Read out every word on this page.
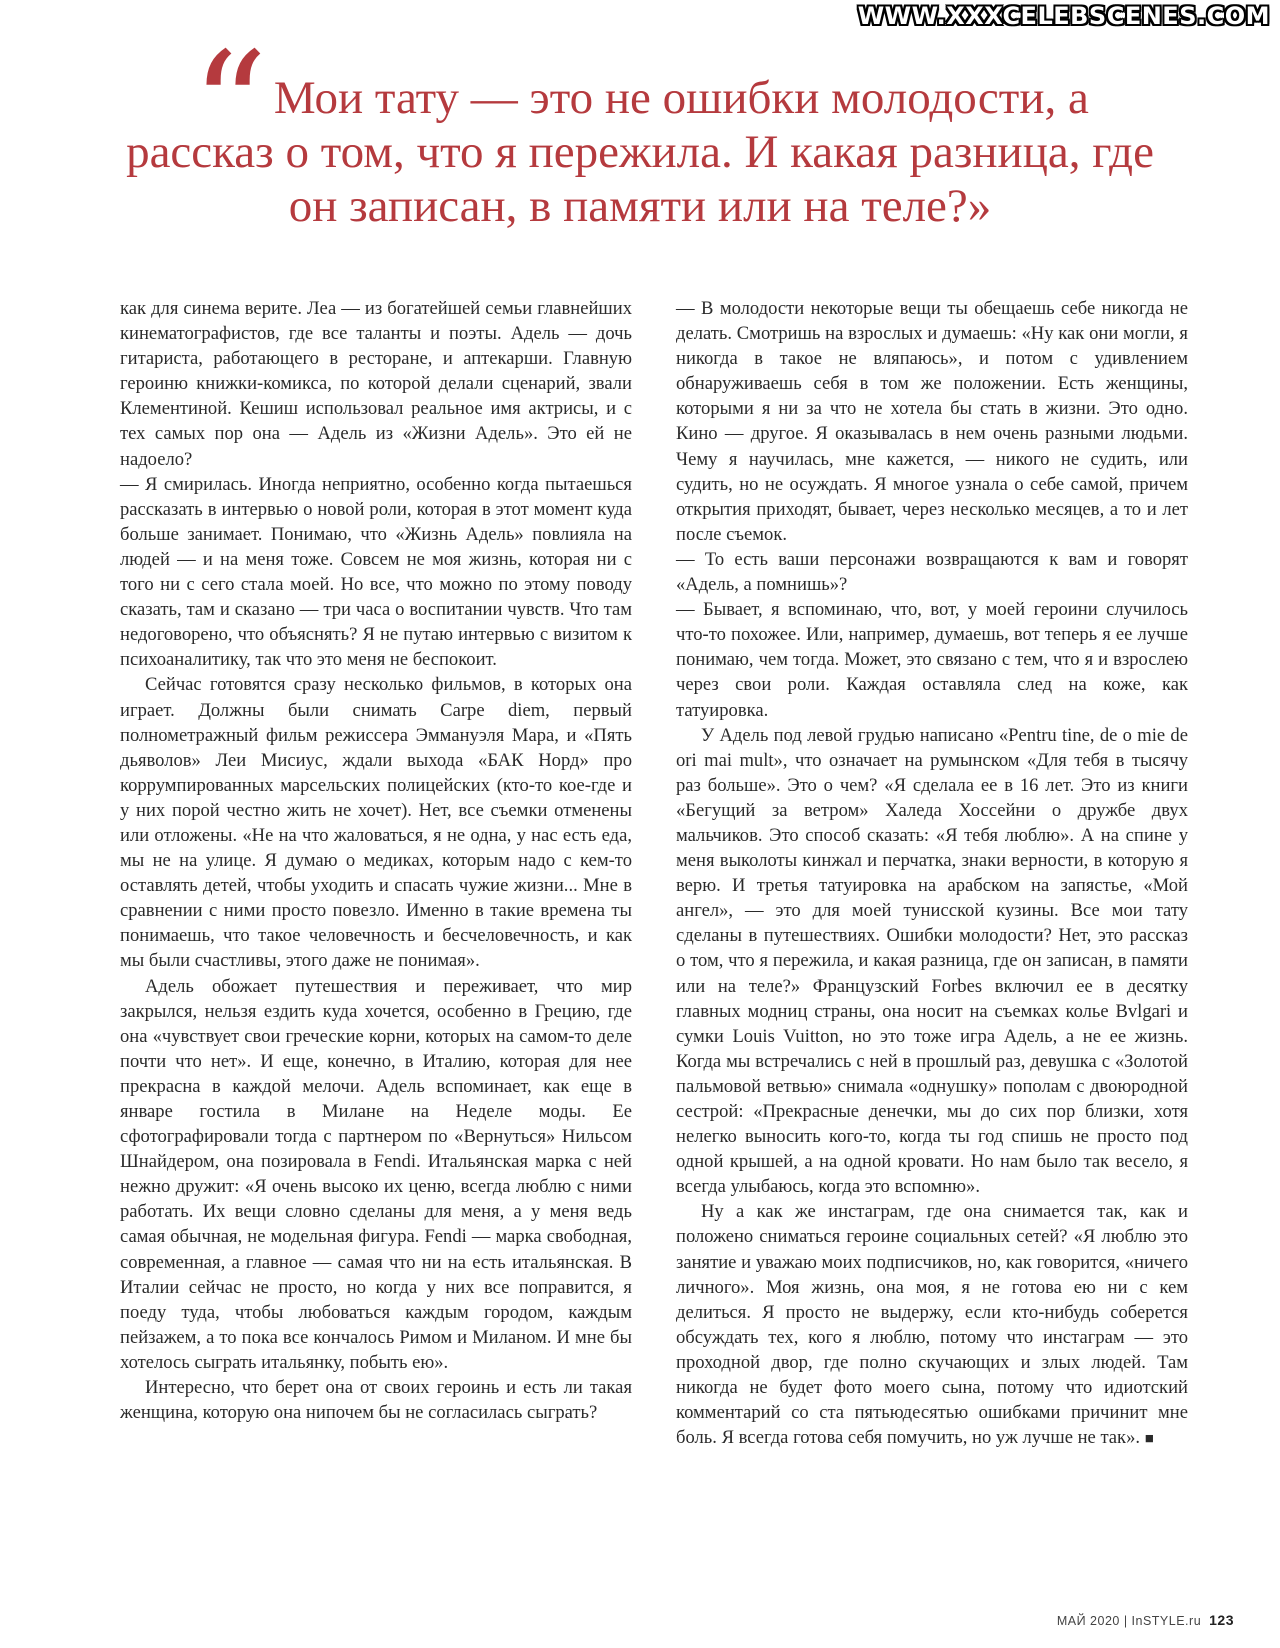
WWW.XXXCELEBSCENES.COM
“ Мои тату — это не ошибки молодости, а рассказ о том, что я пережила. И какая разница, где он записан, в памяти или на теле?»

как для синема верите. Леа — из богатейшей семьи главнейших кинематографистов, где все таланты и поэты. Адель — дочь гитариста, работающего в ресторане, и аптекарши. Главную героиню книжки-комикса, по которой делали сценарий, звали Клементиной. Кешиш использовал реальное имя актрисы, и с тех самых пор она — Адель из «Жизни Адель». Это ей не надоело?

— Я смирилась. Иногда неприятно, особенно когда пытаешься рассказать в интервью о новой роли, которая в этот момент куда больше занимает. Понимаю, что «Жизнь Адель» повлияла на людей — и на меня тоже. Совсем не моя жизнь, которая ни с того ни с сего стала моей. Но все, что можно по этому поводу сказать, там и сказано — три часа о воспитании чувств. Что там недоговорено, что объяснять? Я не путаю интервью с визитом к психоаналитику, так что это меня не беспокоит.

Сейчас готовятся сразу несколько фильмов, в которых она играет. Должны были снимать Carpe diem, первый полнометражный фильм режиссера Эммануэля Мара, и «Пять дьяволов» Леи Мисиус, ждали выхода «БАК Норд» про коррумпированных марсельских полицейских (кто-то кое-где и у них порой честно жить не хочет). Нет, все съемки отменены или отложены. «Не на что жаловаться, я не одна, у нас есть еда, мы не на улице. Я думаю о медиках, которым надо с кем-то оставлять детей, чтобы уходить и спасать чужие жизни... Мне в сравнении с ними просто повезло. Именно в такие времена ты понимаешь, что такое человечность и бесчеловечность, и как мы были счастливы, этого даже не понимая».

Адель обожает путешествия и переживает, что мир закрылся, нельзя ездить куда хочется, особенно в Грецию, где она «чувствует свои греческие корни, которых на самом-то деле почти что нет». И еще, конечно, в Италию, которая для нее прекрасна в каждой мелочи. Адель вспоминает, как еще в январе гостила в Милане на Неделе моды. Ее сфотографировали тогда с партнером по «Вернуться» Нильсом Шнайдером, она позировала в Fendi. Итальянская марка с ней нежно дружит: «Я очень высоко их ценю, всегда люблю с ними работать. Их вещи словно сделаны для меня, а у меня ведь самая обычная, не модельная фигура. Fendi — марка свободная, современная, а главное — самая что ни на есть итальянская. В Италии сейчас не просто, но когда у них все поправится, я поеду туда, чтобы любоваться каждым городом, каждым пейзажем, а то пока все кончалось Римом и Миланом. И мне бы хотелось сыграть итальянку, побыть ею».

Интересно, что берет она от своих героинь и есть ли такая женщина, которую она нипочем бы не согласилась сыграть?

— В молодости некоторые вещи ты обещаешь себе никогда не делать. Смотришь на взрослых и думаешь: «Ну как они могли, я никогда в такое не вляпаюсь», и потом с удивлением обнаруживаешь себя в том же положении. Есть женщины, которыми я ни за что не хотела бы стать в жизни. Это одно. Кино — другое. Я оказывалась в нем очень разными людьми. Чему я научилась, мне кажется, — никого не судить, или судить, но не осуждать. Я многое узнала о себе самой, причем открытия приходят, бывает, через несколько месяцев, а то и лет после съемок.

— То есть ваши персонажи возвращаются к вам и говорят «Адель, а помнишь»?

— Бывает, я вспоминаю, что, вот, у моей героини случилось что-то похожее. Или, например, думаешь, вот теперь я ее лучше понимаю, чем тогда. Может, это связано с тем, что я и взрослею через свои роли. Каждая оставляла след на коже, как татуировка.

У Адель под левой грудью написано «Pentru tine, de o mie de ori mai mult», что означает на румынском «Для тебя в тысячу раз больше». Это о чем? «Я сделала ее в 16 лет. Это из книги «Бегущий за ветром» Халеда Хоссейни о дружбе двух мальчиков. Это способ сказать: «Я тебя люблю». А на спине у меня выколоты кинжал и перчатка, знаки верности, в которую я верю. И третья татуировка на арабском на запястье, «Мой ангел», — это для моей тунисской кузины. Все мои тату сделаны в путешествиях. Ошибки молодости? Нет, это рассказ о том, что я пережила, и какая разница, где он записан, в памяти или на теле?» Французский Forbes включил ее в десятку главных модниц страны, она носит на съемках колье Bvlgari и сумки Louis Vuitton, но это тоже игра Адель, а не ее жизнь. Когда мы встречались с ней в прошлый раз, девушка с «Золотой пальмовой ветвью» снимала «однушку» пополам с двоюродной сестрой: «Прекрасные денечки, мы до сих пор близки, хотя нелегко выносить кого-то, когда ты год спишь не просто под одной крышей, а на одной кровати. Но нам было так весело, я всегда улыбаюсь, когда это вспомню».

Ну а как же инстаграм, где она снимается так, как и положено сниматься героине социальных сетей? «Я люблю это занятие и уважаю моих подписчиков, но, как говорится, «ничего личного». Моя жизнь, она моя, я не готова ею ни с кем делиться. Я просто не выдержу, если кто-нибудь соберется обсуждать тех, кого я люблю, потому что инстаграм — это проходной двор, где полно скучающих и злых людей. Там никогда не будет фото моего сына, потому что идиотский комментарий со ста пятьюдесятью ошибками причинит мне боль. Я всегда готова себя помучить, но уж лучше не так». ■

МАЙ 2020 | InSTYLE.ru 123
